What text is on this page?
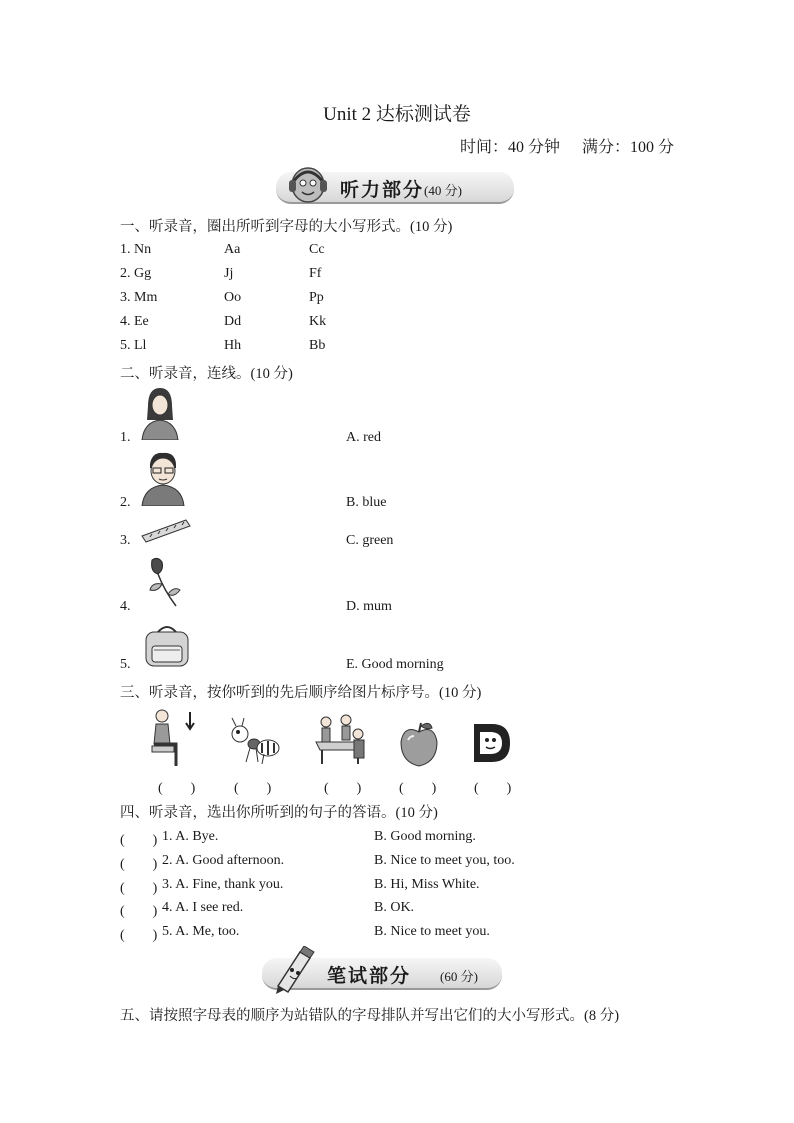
Unit 2 达标测试卷
时间：40 分钟 满分：100 分
听力部分 (40 分)
一、听录音，圈出所听到字母的大小写形式。(10 分)
1. Nn	Aa	Cc
2. Gg	Jj	Ff
3. Mm	Oo	Pp
4. Ee	Dd	Kk
5. Ll	Hh	Bb
二、听录音，连线。(10 分)
1.	A. red
2.	B. blue
3.	C. green
4.	D. mum
5.	E. Good morning
三、听录音，按你听到的先后顺序给图片标序号。(10 分)
(　　)	(　　)	(　　)	(　　)	(　　)
四、听录音，选出你所听到的句子的答语。(10 分)
(　　) 1. A. Bye.	B. Good morning.
(　　) 2. A. Good afternoon.	B. Nice to meet you, too.
(　　) 3. A. Fine, thank you.	B. Hi, Miss White.
(　　) 4. A. I see red.	B. OK.
(　　) 5. A. Me, too.	B. Nice to meet you.
笔试部分 (60 分)
五、请按照字母表的顺序为站错队的字母排队并写出它们的大小写形式。(8 分)
